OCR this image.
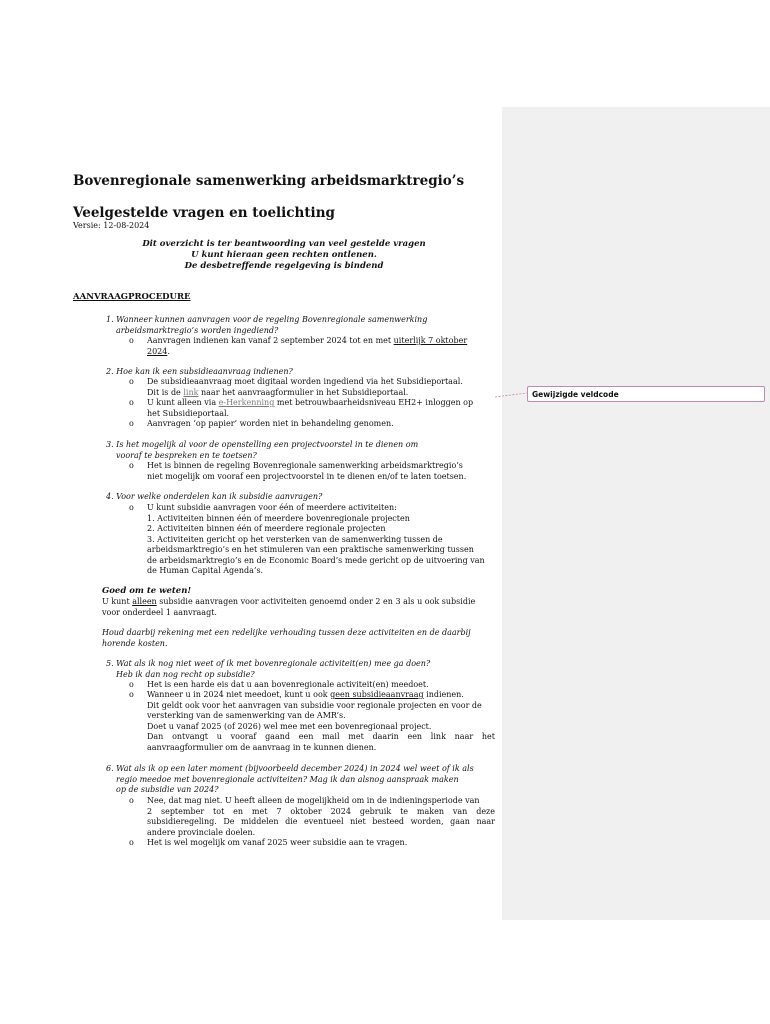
Bovenregionale samenwerking arbeidsmarktregio’s
Veelgestelde vragen en toelichting
Versie: 12-08-2024
Dit overzicht is ter beantwoording van veel gestelde vragen
U kunt hieraan geen rechten ontlenen.
De desbetreffende regelgeving is bindend
AANVRAAGPROCEDURE
1. Wanneer kunnen aanvragen voor de regeling Bovenregionale samenwerking
arbeidsmarktregio’s worden ingediend?
o Aanvragen indienen kan vanaf 2 september 2024 tot en met uiterlijk 7 oktober
2024.
2. Hoe kan ik een subsidieaanvraag indienen?
o De subsidieaanvraag moet digitaal worden ingediend via het Subsidieportaal.
Dit is de link naar het aanvraagformulier in het Subsidieportaal.
o U kunt alleen via e-Herkenning met betrouwbaarheidsniveau EH2+ inloggen op
het Subsidieportaal.
o Aanvragen ‘op papier’ worden niet in behandeling genomen.
3. Is het mogelijk al voor de openstelling een projectvoorstel in te dienen om
vooraf te bespreken en te toetsen?
o Het is binnen de regeling Bovenregionale samenwerking arbeidsmarktregio’s
niet mogelijk om vooraf een projectvoorstel in te dienen en/of te laten toetsen.
4. Voor welke onderdelen kan ik subsidie aanvragen?
o U kunt subsidie aanvragen voor één of meerdere activiteiten:
1. Activiteiten binnen één of meerdere bovenregionale projecten
2. Activiteiten binnen één of meerdere regionale projecten
3. Activiteiten gericht op het versterken van de samenwerking tussen de
arbeidsmarktregio’s en het stimuleren van een praktische samenwerking tussen
de arbeidsmarktregio’s en de Economic Board’s mede gericht op de uitvoering van
de Human Capital Agenda’s.
Goed om te weten!
U kunt alleen subsidie aanvragen voor activiteiten genoemd onder 2 en 3 als u ook subsidie
voor onderdeel 1 aanvraagt.
Houd daarbij rekening met een redelijke verhouding tussen deze activiteiten en de daarbij
horende kosten.
5. Wat als ik nog niet weet of ik met bovenregionale activiteit(en) mee ga doen?
Heb ik dan nog recht op subsidie?
o Het is een harde eis dat u aan bovenregionale activiteit(en) meedoet.
o Wanneer u in 2024 niet meedoet, kunt u ook geen subsidieaanvraag indienen.
Dit geldt ook voor het aanvragen van subsidie voor regionale projecten en voor de
versterking van de samenwerking van de AMR’s.
Doet u vanaf 2025 (of 2026) wel mee met een bovenregionaal project.
Dan ontvangt u vooraf gaand een mail met daarin een link naar het
aanvraagformulier om de aanvraag in te kunnen dienen.
6. Wat als ik op een later moment (bijvoorbeeld december 2024) in 2024 wel weet of ik als
regio meedoe met bovenregionale activiteiten? Mag ik dan alsnog aanspraak maken
op de subsidie van 2024?
o Nee, dat mag niet. U heeft alleen de mogelijkheid om in de indieningsperiode van
2 september tot en met 7 oktober 2024 gebruik te maken van deze
subsidieregeling. De middelen die eventueel niet besteed worden, gaan naar
andere provinciale doelen.
o Het is wel mogelijk om vanaf 2025 weer subsidie aan te vragen.
Gewijzigde veldcode
